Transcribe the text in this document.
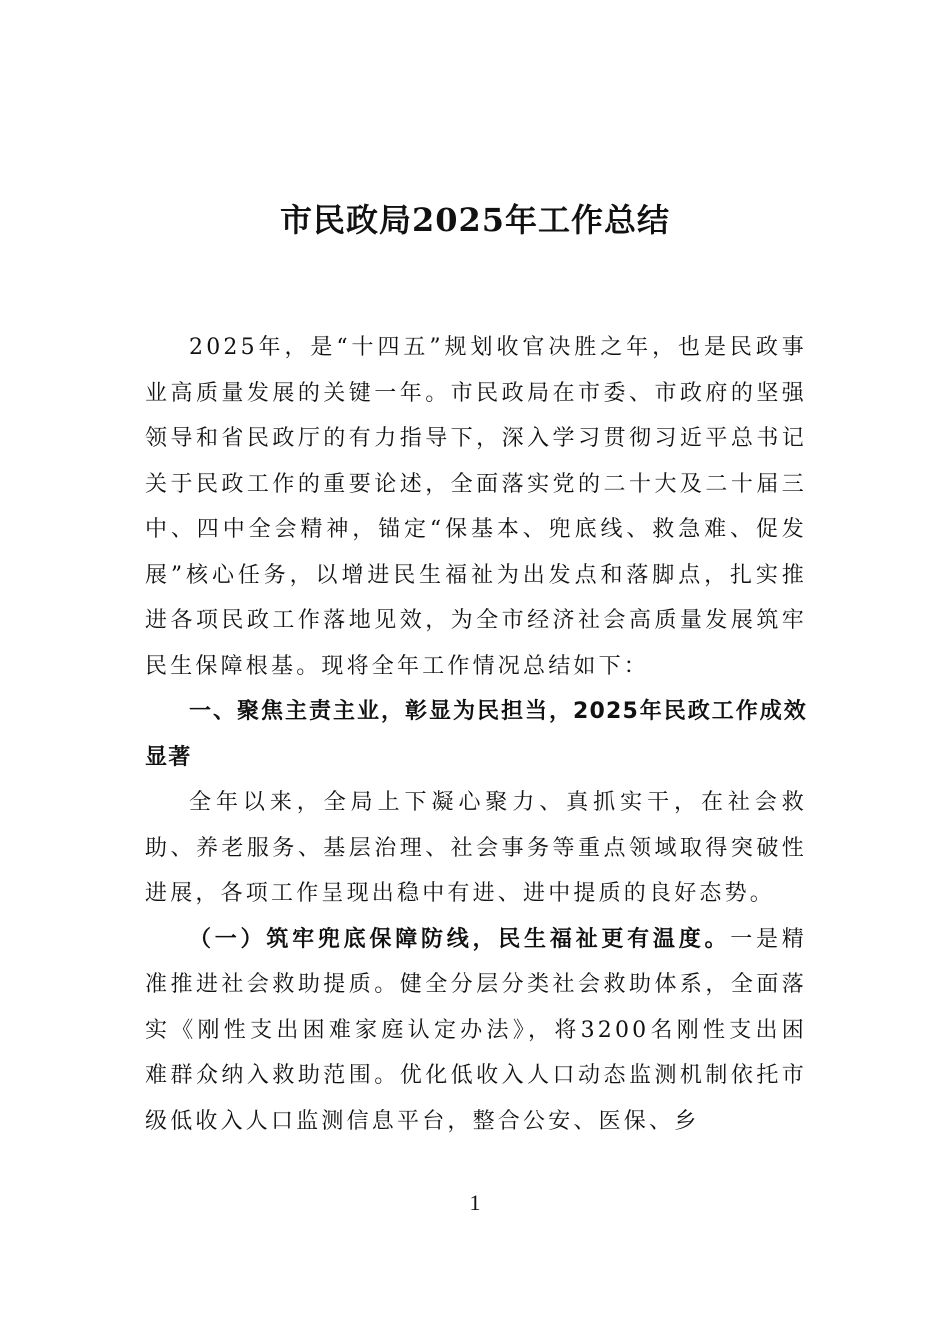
市民政局2025年工作总结

2025年，是“十四五”规划收官决胜之年，也是民政事业高质量发展的关键一年。市民政局在市委、市政府的坚强领导和省民政厅的有力指导下，深入学习贯彻习近平总书记关于民政工作的重要论述，全面落实党的二十大及二十届三中、四中全会精神，锚定“保基本、兜底线、救急难、促发展”核心任务，以增进民生福祉为出发点和落脚点，扎实推进各项民政工作落地见效，为全市经济社会高质量发展筑牢民生保障根基。现将全年工作情况总结如下：

一、聚焦主责主业，彰显为民担当，2025年民政工作成效显著

全年以来，全局上下凝心聚力、真抓实干，在社会救助、养老服务、基层治理、社会事务等重点领域取得突破性进展，各项工作呈现出稳中有进、进中提质的良好态势。

（一）筑牢兜底保障防线，民生福祉更有温度。一是精准推进社会救助提质。健全分层分类社会救助体系，全面落实《刚性支出困难家庭认定办法》，将3200名刚性支出困难群众纳入救助范围。优化低收入人口动态监测机制依托市级低收入人口监测信息平台，整合公安、医保、乡

1
